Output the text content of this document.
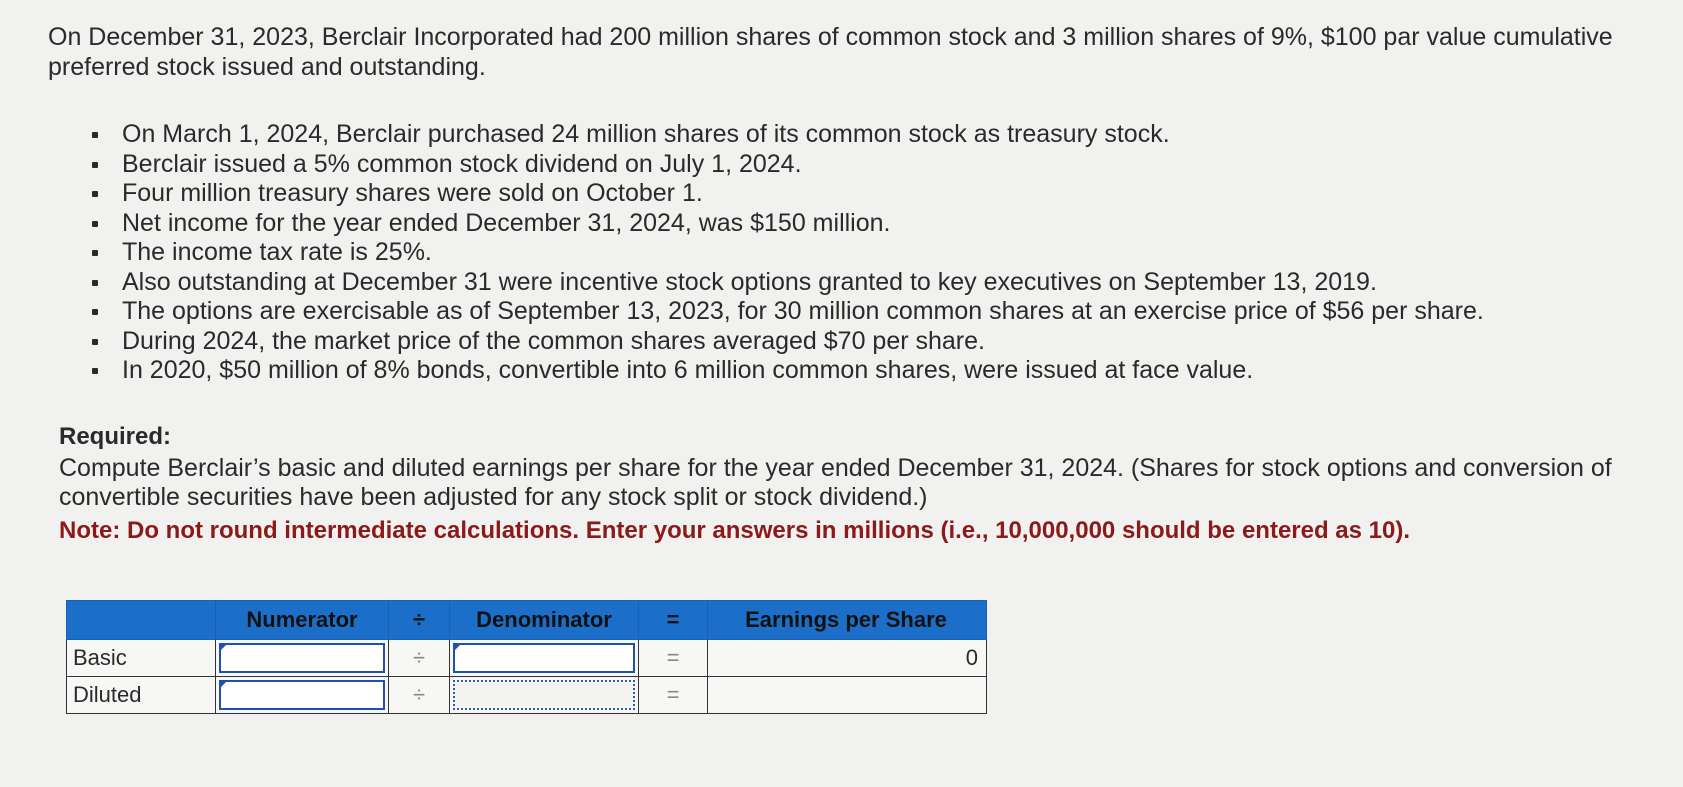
On December 31, 2023, Berclair Incorporated had 200 million shares of common stock and 3 million shares of 9%, $100 par value cumulative preferred stock issued and outstanding.

On March 1, 2024, Berclair purchased 24 million shares of its common stock as treasury stock.
Berclair issued a 5% common stock dividend on July 1, 2024.
Four million treasury shares were sold on October 1.
Net income for the year ended December 31, 2024, was $150 million.
The income tax rate is 25%.
Also outstanding at December 31 were incentive stock options granted to key executives on September 13, 2019.
The options are exercisable as of September 13, 2023, for 30 million common shares at an exercise price of $56 per share.
During 2024, the market price of the common shares averaged $70 per share.
In 2020, $50 million of 8% bonds, convertible into 6 million common shares, were issued at face value.

Required:

Compute Berclair’s basic and diluted earnings per share for the year ended December 31, 2024. (Shares for stock options and conversion of convertible securities have been adjusted for any stock split or stock dividend.)

Note: Do not round intermediate calculations. Enter your answers in millions (i.e., 10,000,000 should be entered as 10).

	Numerator	÷	Denominator	=	Earnings per Share
Basic		÷		=	0
Diluted		÷		=	
